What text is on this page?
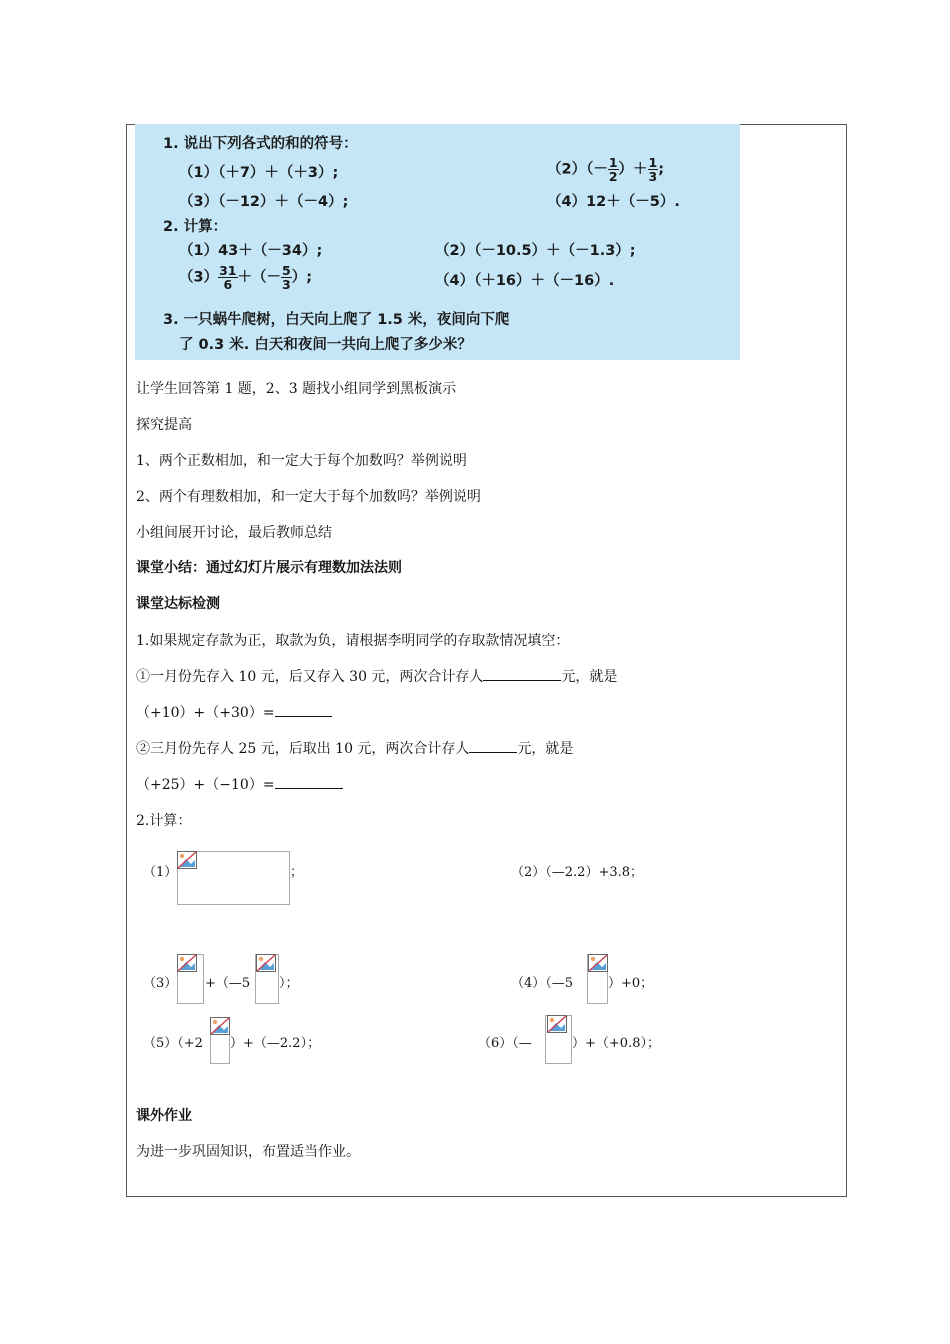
1. 说出下列各式的和的符号：
（1）（＋7）＋（＋3）;	$(2)(- \frac{1}{2}$ ）＋ $\frac{1}{3}$ ;
（3）（－12）＋（－4）;	（4）12＋（－5）.
2. 计算：
（1）43＋（－34）;	（2）（－10.5）＋（－1.3）;
$(3) \frac{31}{6}$ ＋（－ $\frac{5}{3}$ ）;	（4）（＋16）＋（－16）.
3. 一只蜗牛爬树，白天向上爬了 1.5 米，夜间向下爬
了 0.3 米. 白天和夜间一共向上爬了多少米？
让学生回答第 1 题，2、3 题找小组同学到黑板演示
探究提高
1、两个正数相加，和一定大于每个加数吗？举例说明
2、两个有理数相加，和一定大于每个加数吗？举例说明
小组间展开讨论，最后教师总结
课堂小结：通过幻灯片展示有理数加法法则
课堂达标检测
1.如果规定存款为正，取款为负，请根据李明同学的存取款情况填空：
①一月份先存入 10 元，后又存入 30 元，两次合计存人	元，就是
（+10）+（+30）=
②三月份先存人 25 元，后取出 10 元，两次合计存人	元，就是
（+25）+（−10）=
2.计算：
（1）	；	（2）（—2.2）+3.8；
（3） +（—5 ）；	（4）（—5	）+0；
（5）（+2 ）+（—2.2）；	（6）（—	）+（+0.8）；
课外作业
为进一步巩固知识，布置适当作业。
